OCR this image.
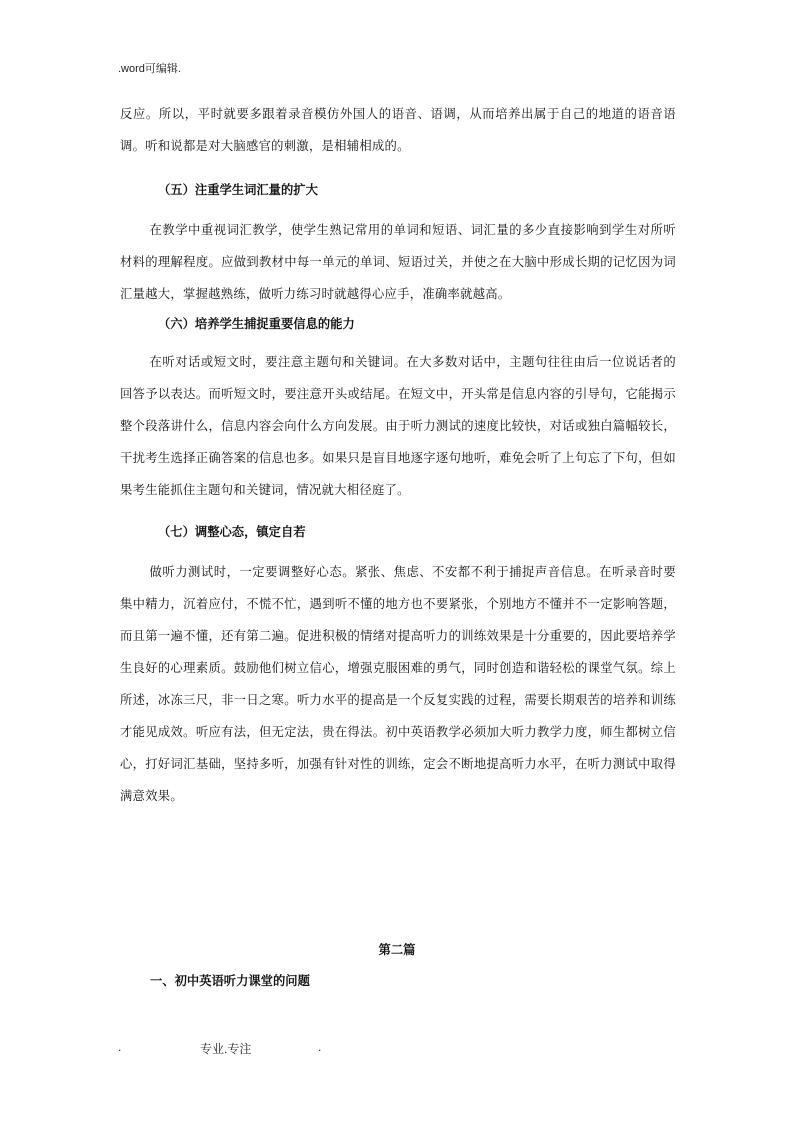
.word可编辑.

反应。所以，平时就要多跟着录音模仿外国人的语音、语调，从而培养出属于自己的地道的语音语调。听和说都是对大脑感官的刺激，是相辅相成的。

（五）注重学生词汇量的扩大

在教学中重视词汇教学，使学生熟记常用的单词和短语、词汇量的多少直接影响到学生对所听材料的理解程度。应做到教材中每一单元的单词、短语过关，并使之在大脑中形成长期的记忆因为词汇量越大，掌握越熟练，做听力练习时就越得心应手，准确率就越高。

（六）培养学生捕捉重要信息的能力

在听对话或短文时，要注意主题句和关键词。在大多数对话中，主题句往往由后一位说话者的回答予以表达。而听短文时，要注意开头或结尾。在短文中，开头常是信息内容的引导句，它能揭示整个段落讲什么，信息内容会向什么方向发展。由于听力测试的速度比较快，对话或独白篇幅较长，干扰考生选择正确答案的信息也多。如果只是盲目地逐字逐句地听，难免会听了上句忘了下句，但如果考生能抓住主题句和关键词，情况就大相径庭了。

（七）调整心态，镇定自若

做听力测试时，一定要调整好心态。紧张、焦虑、不安都不利于捕捉声音信息。在听录音时要集中精力，沉着应付，不慌不忙，遇到听不懂的地方也不要紧张，个别地方不懂并不一定影响答题，而且第一遍不懂，还有第二遍。促进积极的情绪对提高听力的训练效果是十分重要的，因此要培养学生良好的心理素质。鼓励他们树立信心，增强克服困难的勇气，同时创造和谐轻松的课堂气氛。综上所述，冰冻三尺，非一日之寒。听力水平的提高是一个反复实践的过程，需要长期艰苦的培养和训练才能见成效。听应有法，但无定法，贵在得法。初中英语教学必须加大听力教学力度，师生都树立信心，打好词汇基础，坚持多听，加强有针对性的训练，定会不断地提高听力水平，在听力测试中取得满意效果。

第二篇
一、初中英语听力课堂的问题
.	专业.专注	.
